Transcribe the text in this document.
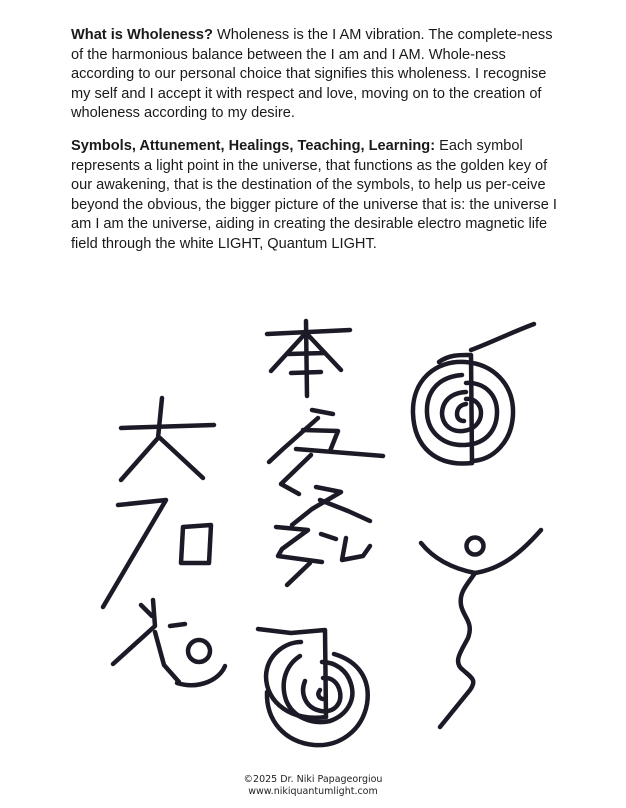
What is Wholeness? Wholeness is the I AM vibration. The complete-ness of the harmonious balance between the I am and I AM. Whole-ness according to our personal choice that signifies this wholeness. I recognise my self and I accept it with respect and love, moving on to the creation of wholeness according to my desire.

Symbols, Attunement, Healings, Teaching, Learning: Each symbol represents a light point in the universe, that functions as the golden key of our awakening, that is the destination of the symbols, to help us per-ceive beyond the obvious, the bigger picture of the universe that is: the universe I am I am the universe, aiding in creating the desirable electro magnetic life field through the white LIGHT, Quantum LIGHT.

©2025 Dr. Niki Papageorgiou
www.nikiquantumlight.com
